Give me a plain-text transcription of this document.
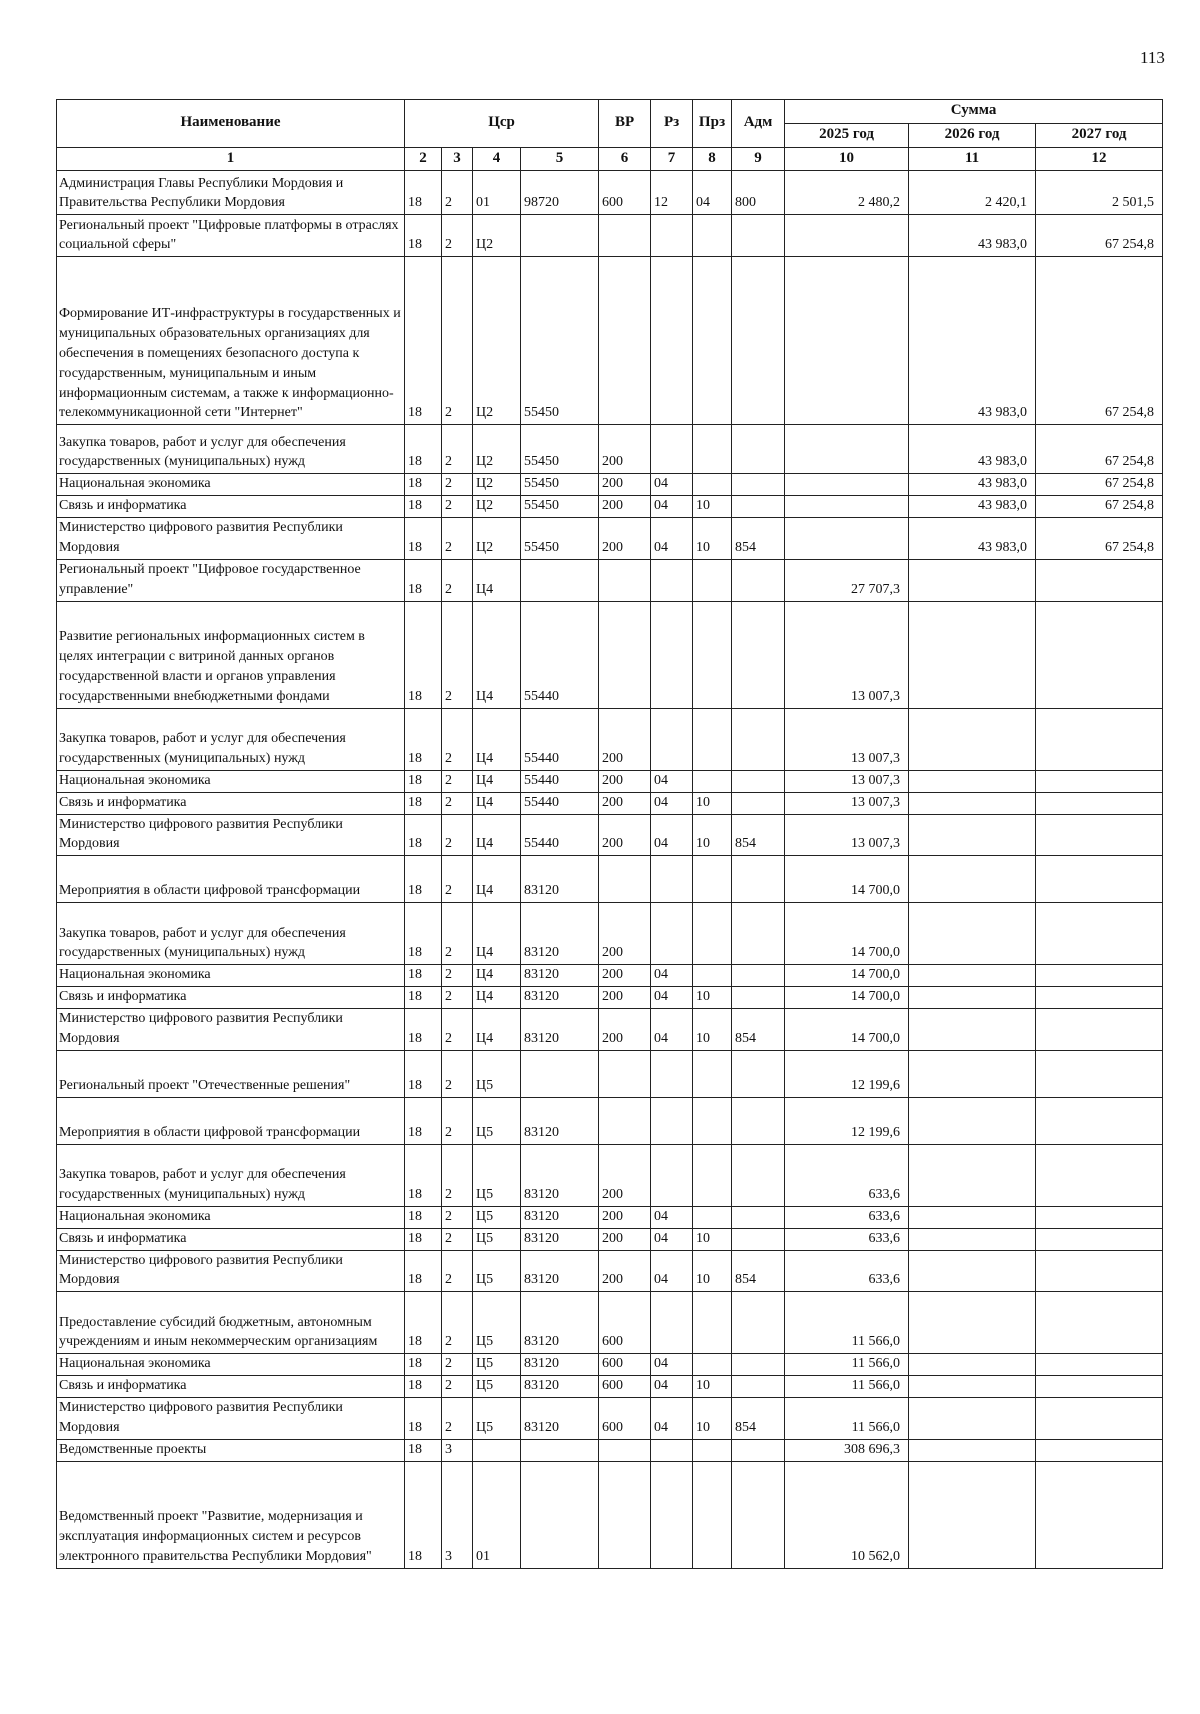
113
Наименование	Цср				ВР	Рз	Прз	Адм	Сумма		
									2025 год	2026 год	2027 год
1	2	3	4	5	6	7	8	9	10	11	12
Администрация Главы Республики Мордовия и Правительства Республики Мордовия	18	2	01	98720	600	12	04	800	2 480,2	2 420,1	2 501,5
Региональный проект "Цифровые платформы в отраслях социальной сферы"	18	2	Ц2							43 983,0	67 254,8
Формирование ИТ-инфраструктуры в государственных и муниципальных образовательных организациях для обеспечения в помещениях безопасного доступа к государственным, муниципальным и иным информационным системам, а также к информационно-телекоммуникационной сети "Интернет"	18	2	Ц2	55450						43 983,0	67 254,8
Закупка товаров, работ и услуг для обеспечения государственных (муниципальных) нужд	18	2	Ц2	55450	200					43 983,0	67 254,8
Национальная экономика	18	2	Ц2	55450	200	04				43 983,0	67 254,8
Связь и информатика	18	2	Ц2	55450	200	04	10			43 983,0	67 254,8
Министерство цифрового развития Республики Мордовия	18	2	Ц2	55450	200	04	10	854		43 983,0	67 254,8
Региональный проект "Цифровое государственное управление"	18	2	Ц4						27 707,3		
Развитие региональных информационных систем в целях интеграции с витриной данных органов государственной власти и органов управления государственными внебюджетными фондами	18	2	Ц4	55440					13 007,3		
Закупка товаров, работ и услуг для обеспечения государственных (муниципальных) нужд	18	2	Ц4	55440	200				13 007,3		
Национальная экономика	18	2	Ц4	55440	200	04			13 007,3		
Связь и информатика	18	2	Ц4	55440	200	04	10		13 007,3		
Министерство цифрового развития Республики Мордовия	18	2	Ц4	55440	200	04	10	854	13 007,3		
Мероприятия в области цифровой трансформации	18	2	Ц4	83120					14 700,0		
Закупка товаров, работ и услуг для обеспечения государственных (муниципальных) нужд	18	2	Ц4	83120	200				14 700,0		
Национальная экономика	18	2	Ц4	83120	200	04			14 700,0		
Связь и информатика	18	2	Ц4	83120	200	04	10		14 700,0		
Министерство цифрового развития Республики Мордовия	18	2	Ц4	83120	200	04	10	854	14 700,0		
Региональный проект "Отечественные решения"	18	2	Ц5						12 199,6		
Мероприятия в области цифровой трансформации	18	2	Ц5	83120					12 199,6		
Закупка товаров, работ и услуг для обеспечения государственных (муниципальных) нужд	18	2	Ц5	83120	200				633,6		
Национальная экономика	18	2	Ц5	83120	200	04			633,6		
Связь и информатика	18	2	Ц5	83120	200	04	10		633,6		
Министерство цифрового развития Республики Мордовия	18	2	Ц5	83120	200	04	10	854	633,6		
Предоставление субсидий бюджетным, автономным учреждениям и иным некоммерческим организациям	18	2	Ц5	83120	600				11 566,0		
Национальная экономика	18	2	Ц5	83120	600	04			11 566,0		
Связь и информатика	18	2	Ц5	83120	600	04	10		11 566,0		
Министерство цифрового развития Республики Мордовия	18	2	Ц5	83120	600	04	10	854	11 566,0		
Ведомственные проекты	18	3							308 696,3		
Ведомственный проект "Развитие, модернизация и эксплуатация информационных систем и ресурсов электронного правительства Республики Мордовия"	18	3	01						10 562,0		
